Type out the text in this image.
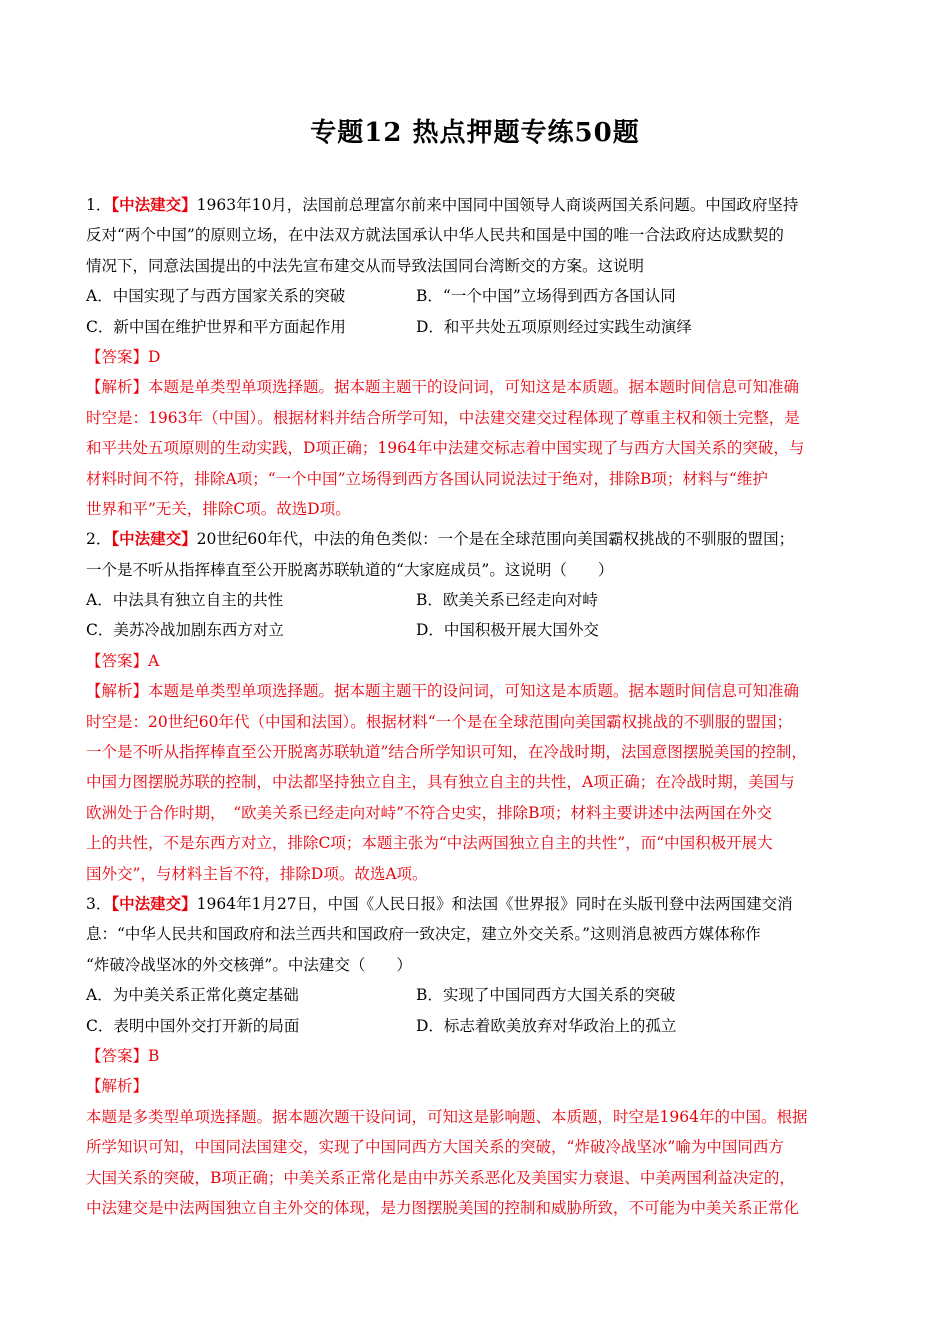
专题12 热点押题专练50题
1．【中法建交】1963年10月，法国前总理富尔前来中国同中国领导人商谈两国关系问题。中国政府坚持
反对“两个中国”的原则立场，在中法双方就法国承认中华人民共和国是中国的唯一合法政府达成默契的
情况下，同意法国提出的中法先宣布建交从而导致法国同台湾断交的方案。这说明
A．中国实现了与西方国家关系的突破	B．“一个中国”立场得到西方各国认同
C．新中国在维护世界和平方面起作用	D．和平共处五项原则经过实践生动演绎
【答案】D
【解析】本题是单类型单项选择题。据本题主题干的设问词，可知这是本质题。据本题时间信息可知准确
时空是：1963年（中国）。根据材料并结合所学可知，中法建交建交过程体现了尊重主权和领土完整，是
和平共处五项原则的生动实践，D项正确；1964年中法建交标志着中国实现了与西方大国关系的突破，与
材料时间不符，排除A项；“一个中国”立场得到西方各国认同说法过于绝对，排除B项；材料与“维护
世界和平”无关，排除C项。故选D项。
2．【中法建交】20世纪60年代，中法的角色类似：一个是在全球范围向美国霸权挑战的不驯服的盟国；
一个是不听从指挥棒直至公开脱离苏联轨道的“大家庭成员”。这说明（　　）
A．中法具有独立自主的共性	B．欧美关系已经走向对峙
C．美苏冷战加剧东西方对立	D．中国积极开展大国外交
【答案】A
【解析】本题是单类型单项选择题。据本题主题干的设问词，可知这是本质题。据本题时间信息可知准确
时空是：20世纪60年代（中国和法国）。根据材料“一个是在全球范围向美国霸权挑战的不驯服的盟国；
一个是不听从指挥棒直至公开脱离苏联轨道”结合所学知识可知，在冷战时期，法国意图摆脱美国的控制，
中国力图摆脱苏联的控制，中法都坚持独立自主，具有独立自主的共性，A项正确；在冷战时期，美国与
欧洲处于合作时期，　“欧美关系已经走向对峙”不符合史实，排除B项；材料主要讲述中法两国在外交
上的共性，不是东西方对立，排除C项；本题主张为“中法两国独立自主的共性”，而“中国积极开展大
国外交”，与材料主旨不符，排除D项。故选A项。
3．【中法建交】1964年1月27日，中国《人民日报》和法国《世界报》同时在头版刊登中法两国建交消
息：“中华人民共和国政府和法兰西共和国政府一致决定，建立外交关系。”这则消息被西方媒体称作
“炸破冷战坚冰的外交核弹”。中法建交（　　）
A．为中美关系正常化奠定基础	B．实现了中国同西方大国关系的突破
C．表明中国外交打开新的局面	D．标志着欧美放弃对华政治上的孤立
【答案】B
【解析】
本题是多类型单项选择题。据本题次题干设问词，可知这是影响题、本质题，时空是1964年的中国。根据
所学知识可知，中国同法国建交，实现了中国同西方大国关系的突破，“炸破冷战坚冰”喻为中国同西方
大国关系的突破，B项正确；中美关系正常化是由中苏关系恶化及美国实力衰退、中美两国利益决定的，
中法建交是中法两国独立自主外交的体现，是力图摆脱美国的控制和威胁所致，不可能为中美关系正常化
